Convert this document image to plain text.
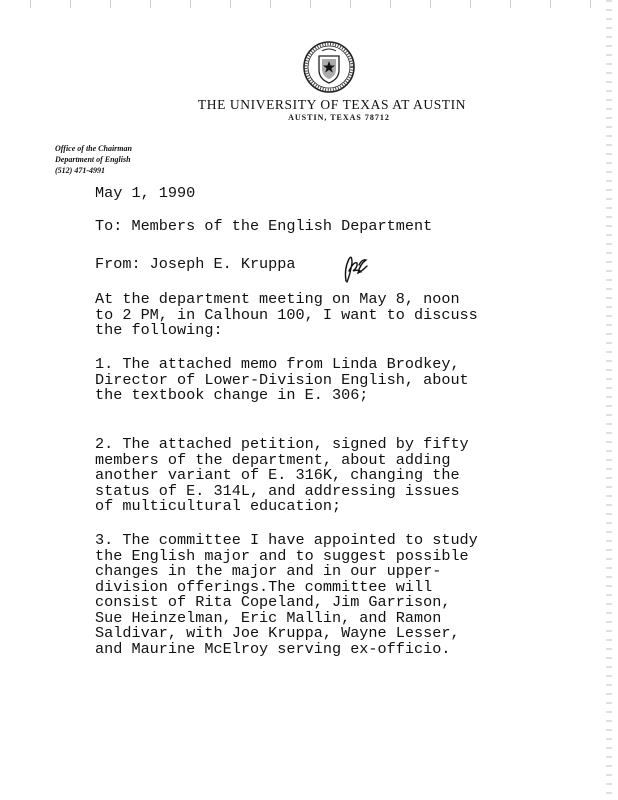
THE UNIVERSITY OF TEXAS AT AUSTIN
AUSTIN, TEXAS 78712
Office of the Chairman
Department of English
(512) 471-4991
May 1, 1990
To: Members of the English Department
From: Joseph E. Kruppa
At the department meeting on May 8, noon
to 2 PM, in Calhoun 100, I want to discuss
the following:
1. The attached memo from Linda Brodkey,
Director of Lower-Division English, about
the textbook change in E. 306;
2. The attached petition, signed by fifty
members of the department, about adding
another variant of E. 316K, changing the
status of E. 314L, and addressing issues
of multicultural education;
3. The committee I have appointed to study
the English major and to suggest possible
changes in the major and in our upper-
division offerings.The committee will
consist of Rita Copeland, Jim Garrison,
Sue Heinzelman, Eric Mallin, and Ramon
Saldivar, with Joe Kruppa, Wayne Lesser,
and Maurine McElroy serving ex-officio.
